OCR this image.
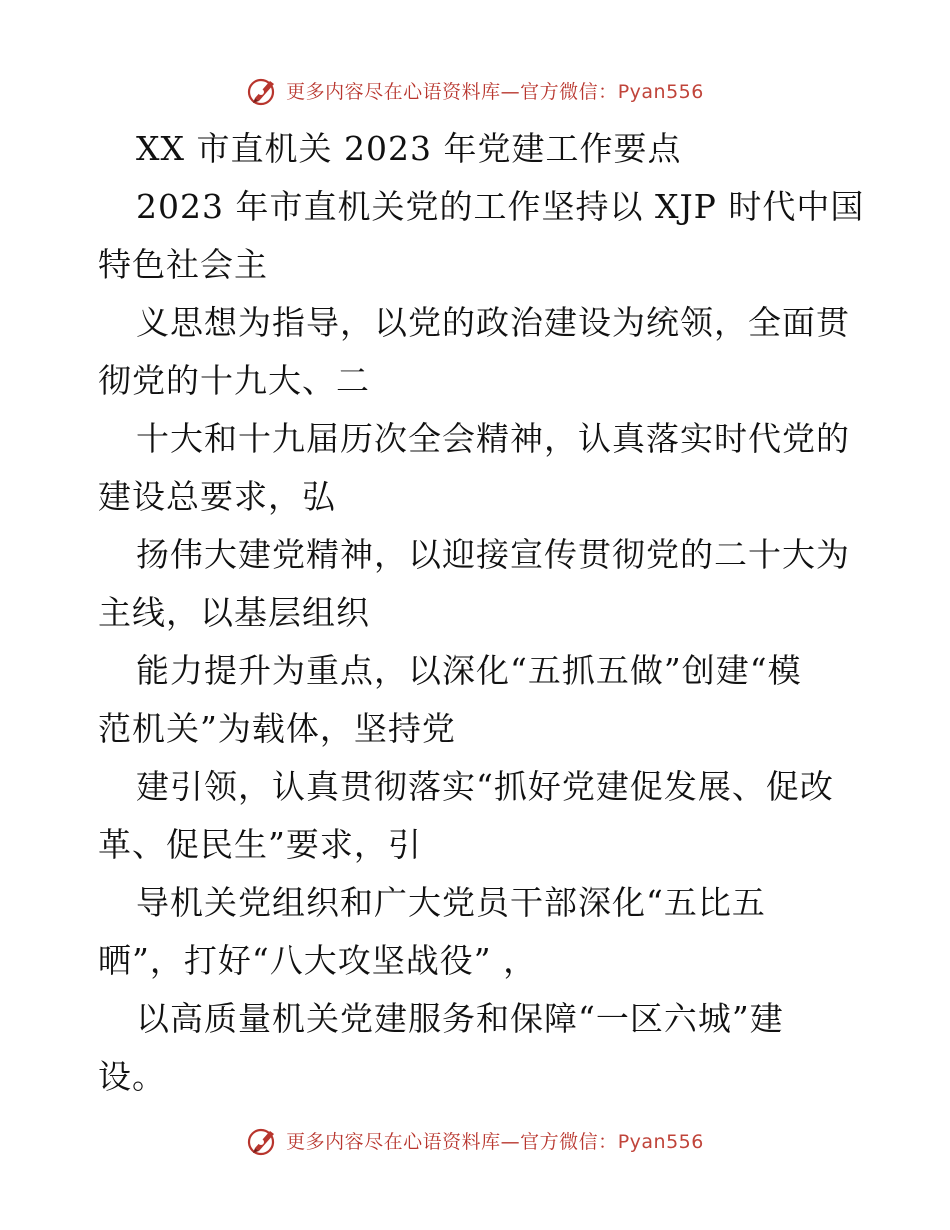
更多内容尽在心语资料库—官方微信：Pyan556
XX 市直机关 2023 年党建工作要点
2023 年市直机关党的工作坚持以 XJP 时代中国
特色社会主
义思想为指导，以党的政治建设为统领，全面贯
彻党的十九大、二
十大和十九届历次全会精神，认真落实时代党的
建设总要求，弘
扬伟大建党精神，以迎接宣传贯彻党的二十大为
主线，以基层组织
能力提升为重点，以深化“五抓五做”创建“模
范机关”为载体，坚持党
建引领，认真贯彻落实“抓好党建促发展、促改
革、促民生”要求，引
导机关党组织和广大党员干部深化“五比五
晒”，打好“八大攻坚战役” ，
以高质量机关党建服务和保障“一区六城”建
设。
更多内容尽在心语资料库—官方微信：Pyan556
